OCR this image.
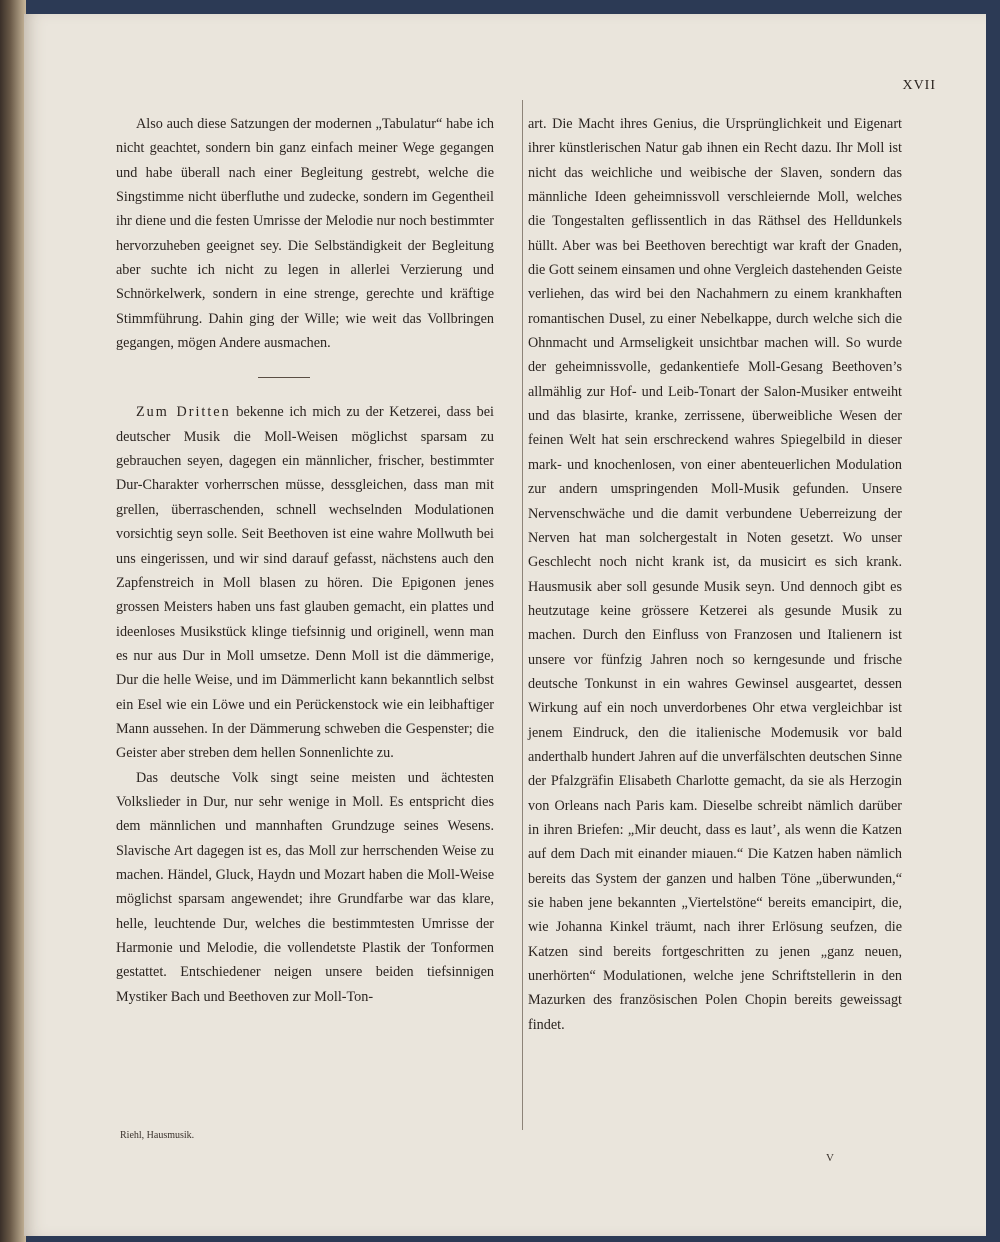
XVII

Also auch diese Satzungen der modernen „Tabulatur“ habe ich nicht geachtet, sondern bin ganz einfach meiner Wege gegangen und habe überall nach einer Begleitung gestrebt, welche die Singstimme nicht überfluthe und zudecke, sondern im Gegentheil ihr diene und die festen Umrisse der Melodie nur noch bestimmter hervorzuheben geeignet sey. Die Selbständigkeit der Begleitung aber suchte ich nicht zu legen in allerlei Verzierung und Schnörkelwerk, sondern in eine strenge, gerechte und kräftige Stimmführung. Dahin ging der Wille; wie weit das Vollbringen gegangen, mögen Andere ausmachen.

Zum Dritten bekenne ich mich zu der Ketzerei, dass bei deutscher Musik die Moll-Weisen möglichst sparsam zu gebrauchen seyen, dagegen ein männlicher, frischer, bestimmter Dur-Charakter vorherrschen müsse, dessgleichen, dass man mit grellen, überraschenden, schnell wechselnden Modulationen vorsichtig seyn solle. Seit Beethoven ist eine wahre Mollwuth bei uns eingerissen, und wir sind darauf gefasst, nächstens auch den Zapfenstreich in Moll blasen zu hören. Die Epigonen jenes grossen Meisters haben uns fast glauben gemacht, ein plattes und ideenloses Musikstück klinge tiefsinnig und originell, wenn man es nur aus Dur in Moll umsetze. Denn Moll ist die dämmerige, Dur die helle Weise, und im Dämmerlicht kann bekanntlich selbst ein Esel wie ein Löwe und ein Perückenstock wie ein leibhaftiger Mann aussehen. In der Dämmerung schweben die Gespenster; die Geister aber streben dem hellen Sonnenlichte zu.

Das deutsche Volk singt seine meisten und ächtesten Volkslieder in Dur, nur sehr wenige in Moll. Es entspricht dies dem männlichen und mannhaften Grundzuge seines Wesens. Slavische Art dagegen ist es, das Moll zur herrschenden Weise zu machen. Händel, Gluck, Haydn und Mozart haben die Moll-Weise möglichst sparsam angewendet; ihre Grundfarbe war das klare, helle, leuchtende Dur, welches die bestimmtesten Umrisse der Harmonie und Melodie, die vollendetste Plastik der Tonformen gestattet. Entschiedener neigen unsere beiden tiefsinnigen Mystiker Bach und Beethoven zur Moll-Ton-

art. Die Macht ihres Genius, die Ursprünglichkeit und Eigenart ihrer künstlerischen Natur gab ihnen ein Recht dazu. Ihr Moll ist nicht das weichliche und weibische der Slaven, sondern das männliche Ideen geheimnissvoll verschleiernde Moll, welches die Tongestalten geflissentlich in das Räthsel des Helldunkels hüllt. Aber was bei Beethoven berechtigt war kraft der Gnaden, die Gott seinem einsamen und ohne Vergleich dastehenden Geiste verliehen, das wird bei den Nachahmern zu einem krankhaften romantischen Dusel, zu einer Nebelkappe, durch welche sich die Ohnmacht und Armseligkeit unsichtbar machen will. So wurde der geheimnissvolle, gedankentiefe Moll-Gesang Beethoven’s allmählig zur Hof- und Leib-Tonart der Salon-Musiker entweiht und das blasirte, kranke, zerrissene, überweibliche Wesen der feinen Welt hat sein erschreckend wahres Spiegelbild in dieser mark- und knochenlosen, von einer abenteuerlichen Modulation zur andern umspringenden Moll-Musik gefunden. Unsere Nervenschwäche und die damit verbundene Ueberreizung der Nerven hat man solchergestalt in Noten gesetzt. Wo unser Geschlecht noch nicht krank ist, da musicirt es sich krank. Hausmusik aber soll gesunde Musik seyn. Und dennoch gibt es heutzutage keine grössere Ketzerei als gesunde Musik zu machen. Durch den Einfluss von Franzosen und Italienern ist unsere vor fünfzig Jahren noch so kerngesunde und frische deutsche Tonkunst in ein wahres Gewinsel ausgeartet, dessen Wirkung auf ein noch unverdorbenes Ohr etwa vergleichbar ist jenem Eindruck, den die italienische Modemusik vor bald anderthalb hundert Jahren auf die unverfälschten deutschen Sinne der Pfalzgräfin Elisabeth Charlotte gemacht, da sie als Herzogin von Orleans nach Paris kam. Dieselbe schreibt nämlich darüber in ihren Briefen: „Mir deucht, dass es laut’, als wenn die Katzen auf dem Dach mit einander miauen.“ Die Katzen haben nämlich bereits das System der ganzen und halben Töne „überwunden,“ sie haben jene bekannten „Viertelstöne“ bereits emancipirt, die, wie Johanna Kinkel träumt, nach ihrer Erlösung seufzen, die Katzen sind bereits fortgeschritten zu jenen „ganz neuen, unerhörten“ Modulationen, welche jene Schriftstellerin in den Mazurken des französischen Polen Chopin bereits geweissagt findet.

Riehl, Hausmusik.
V
